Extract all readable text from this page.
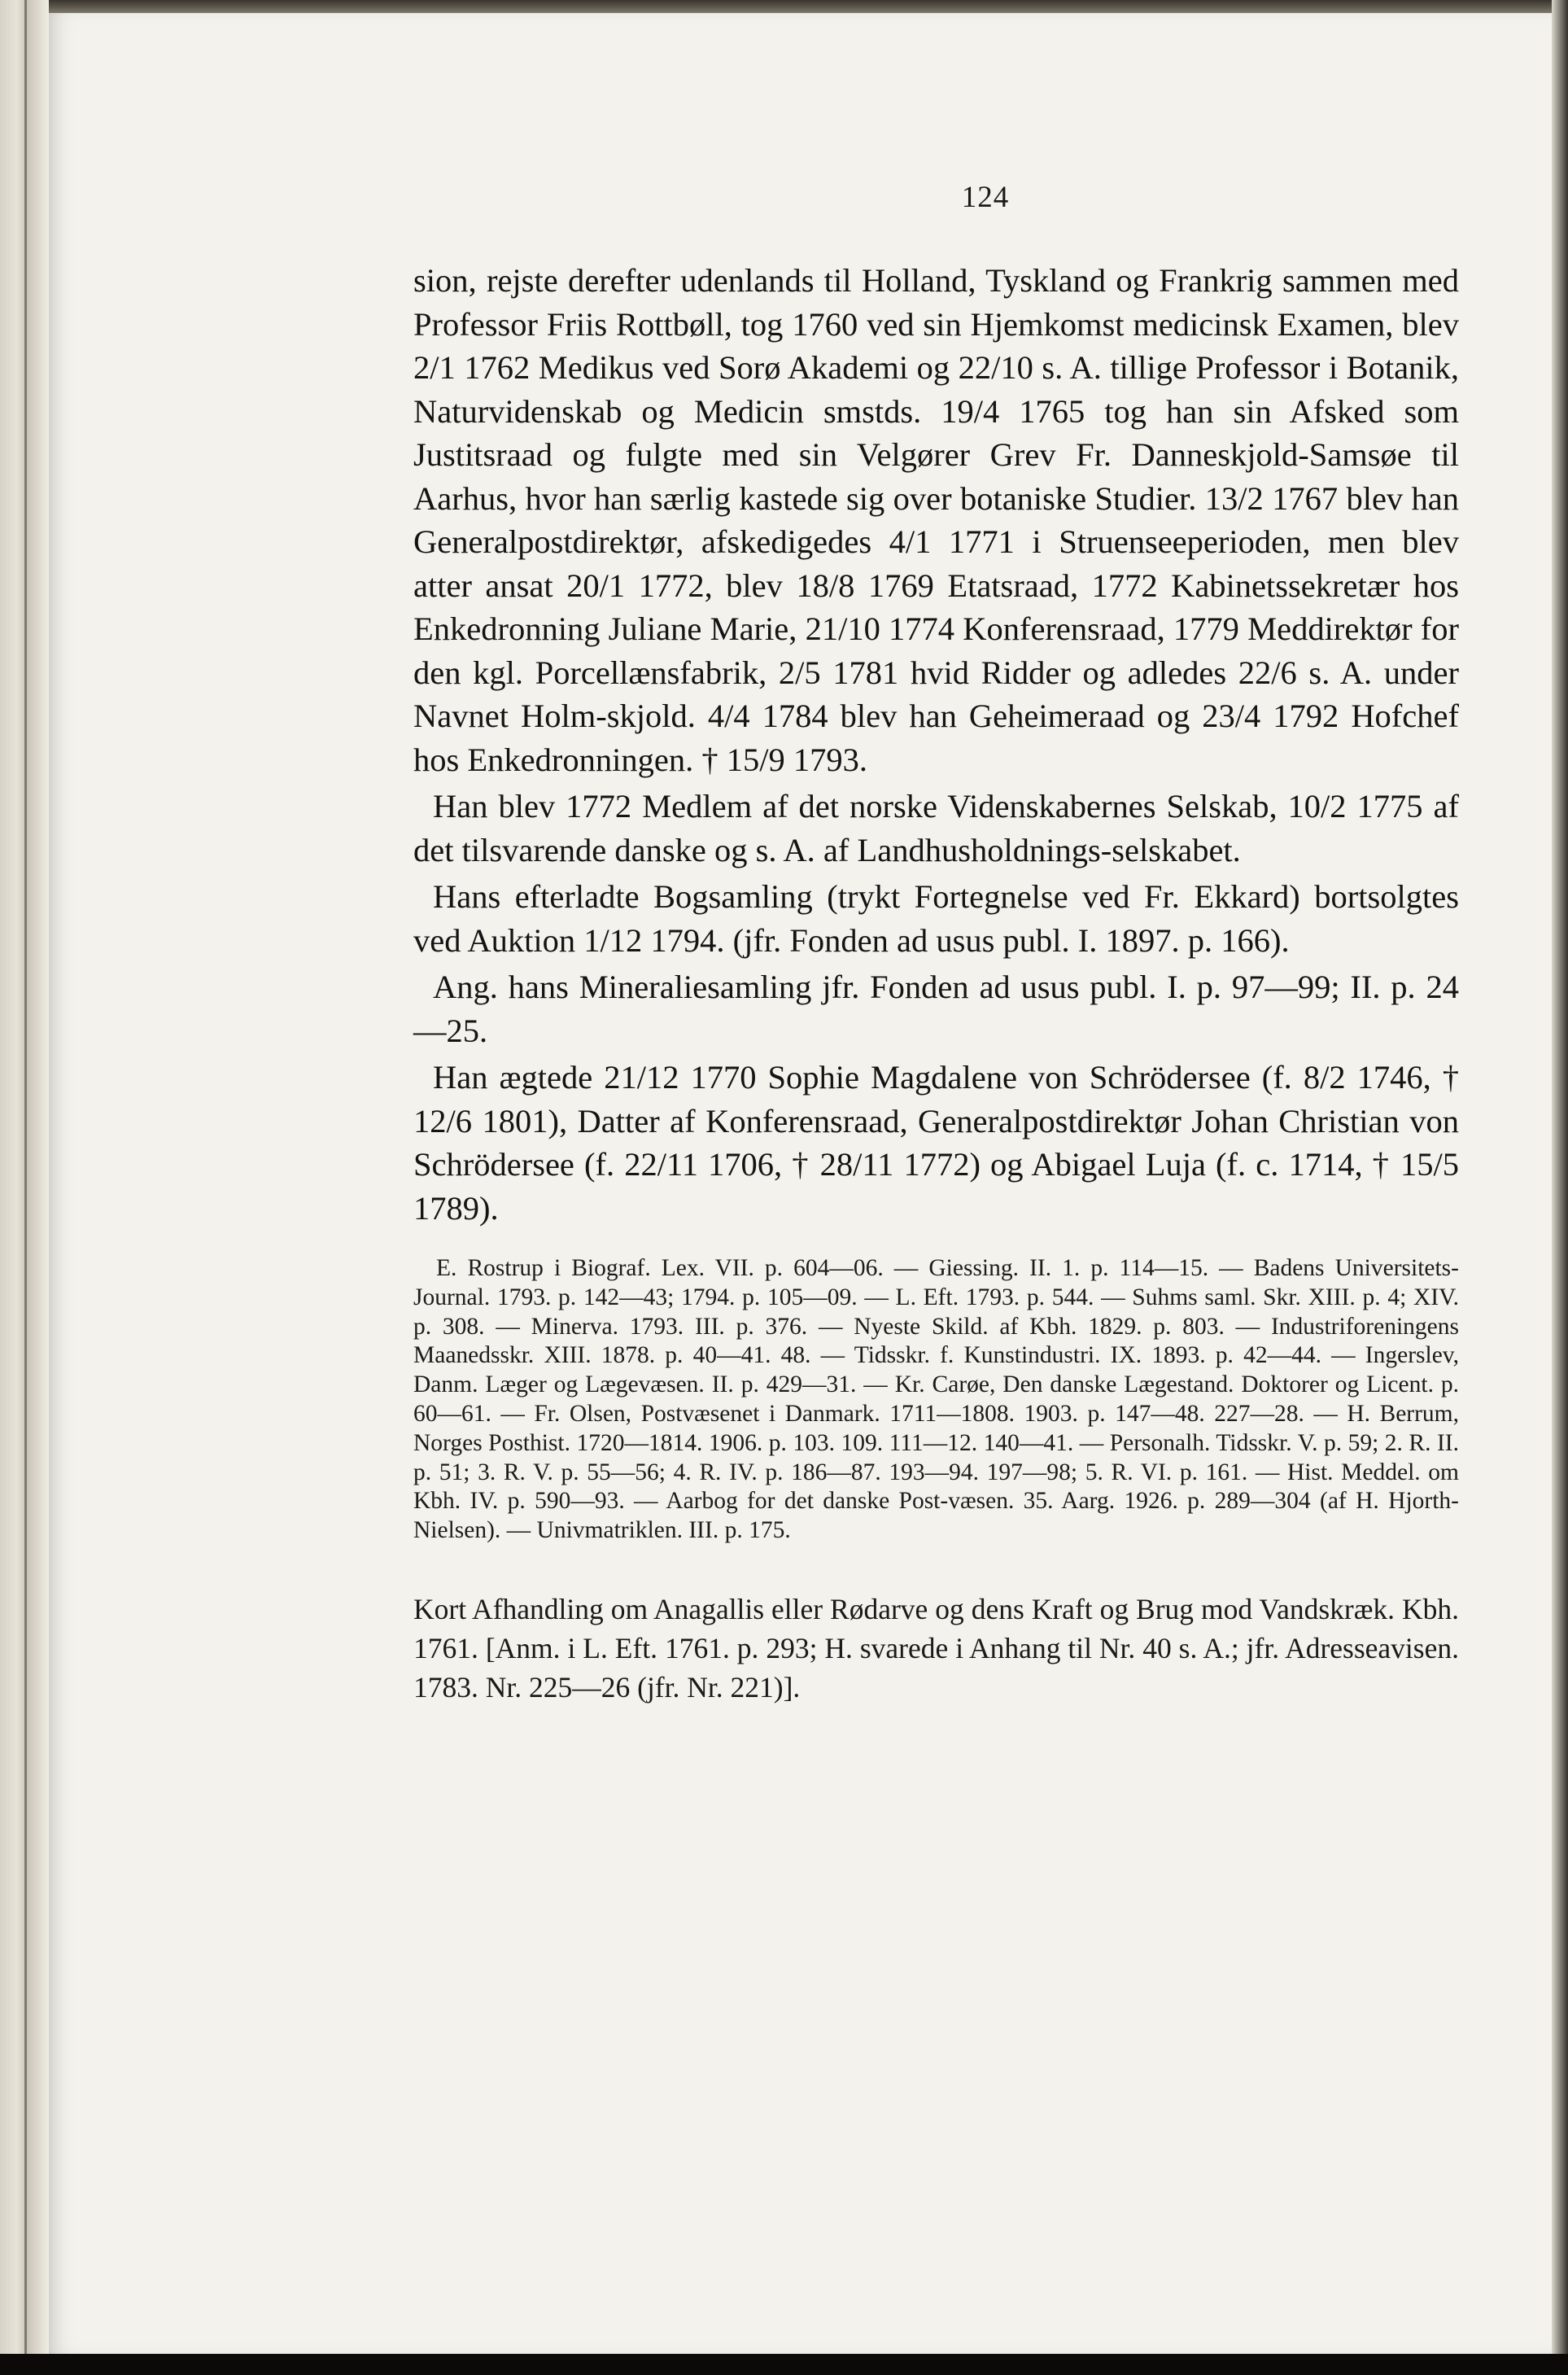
124

sion, rejste derefter udenlands til Holland, Tyskland og Frankrig sammen med Professor Friis Rottbøll, tog 1760 ved sin Hjemkomst medicinsk Examen, blev 2/1 1762 Medikus ved Sorø Akademi og 22/10 s. A. tillige Professor i Botanik, Naturvidenskab og Medicin smstds. 19/4 1765 tog han sin Afsked som Justitsraad og fulgte med sin Velgører Grev Fr. Danneskjold-Samsøe til Aarhus, hvor han særlig kastede sig over botaniske Studier. 13/2 1767 blev han Generalpostdirektør, afskedigedes 4/1 1771 i Struenseeperioden, men blev atter ansat 20/1 1772, blev 18/8 1769 Etatsraad, 1772 Kabinetssekretær hos Enkedronning Juliane Marie, 21/10 1774 Konferensraad, 1779 Meddirektør for den kgl. Porcellænsfabrik, 2/5 1781 hvid Ridder og adledes 22/6 s. A. under Navnet Holm-skjold. 4/4 1784 blev han Geheimeraad og 23/4 1792 Hofchef hos Enkedronningen. † 15/9 1793.

Han blev 1772 Medlem af det norske Videnskabernes Selskab, 10/2 1775 af det tilsvarende danske og s. A. af Landhusholdnings-selskabet.

Hans efterladte Bogsamling (trykt Fortegnelse ved Fr. Ekkard) bortsolgtes ved Auktion 1/12 1794. (jfr. Fonden ad usus publ. I. 1897. p. 166).

Ang. hans Mineraliesamling jfr. Fonden ad usus publ. I. p. 97—99; II. p. 24—25.

Han ægtede 21/12 1770 Sophie Magdalene von Schrödersee (f. 8/2 1746, † 12/6 1801), Datter af Konferensraad, Generalpostdirektør Johan Christian von Schrödersee (f. 22/11 1706, † 28/11 1772) og Abigael Luja (f. c. 1714, † 15/5 1789).

E. Rostrup i Biograf. Lex. VII. p. 604—06. — Giessing. II. 1. p. 114—15. — Badens Universitets-Journal. 1793. p. 142—43; 1794. p. 105—09. — L. Eft. 1793. p. 544. — Suhms saml. Skr. XIII. p. 4; XIV. p. 308. — Minerva. 1793. III. p. 376. — Nyeste Skild. af Kbh. 1829. p. 803. — Industriforeningens Maanedsskr. XIII. 1878. p. 40—41. 48. — Tidsskr. f. Kunstindustri. IX. 1893. p. 42—44. — Ingerslev, Danm. Læger og Lægevæsen. II. p. 429—31. — Kr. Carøe, Den danske Lægestand. Doktorer og Licent. p. 60—61. — Fr. Olsen, Postvæsenet i Danmark. 1711—1808. 1903. p. 147—48. 227—28. — H. Berrum, Norges Posthist. 1720—1814. 1906. p. 103. 109. 111—12. 140—41. — Personalh. Tidsskr. V. p. 59; 2. R. II. p. 51; 3. R. V. p. 55—56; 4. R. IV. p. 186—87. 193—94. 197—98; 5. R. VI. p. 161. — Hist. Meddel. om Kbh. IV. p. 590—93. — Aarbog for det danske Post-væsen. 35. Aarg. 1926. p. 289—304 (af H. Hjorth-Nielsen). — Univmatriklen. III. p. 175.

Kort Afhandling om Anagallis eller Rødarve og dens Kraft og Brug mod Vandskræk. Kbh. 1761. [Anm. i L. Eft. 1761. p. 293; H. svarede i Anhang til Nr. 40 s. A.; jfr. Adresseavisen. 1783. Nr. 225—26 (jfr. Nr. 221)].
